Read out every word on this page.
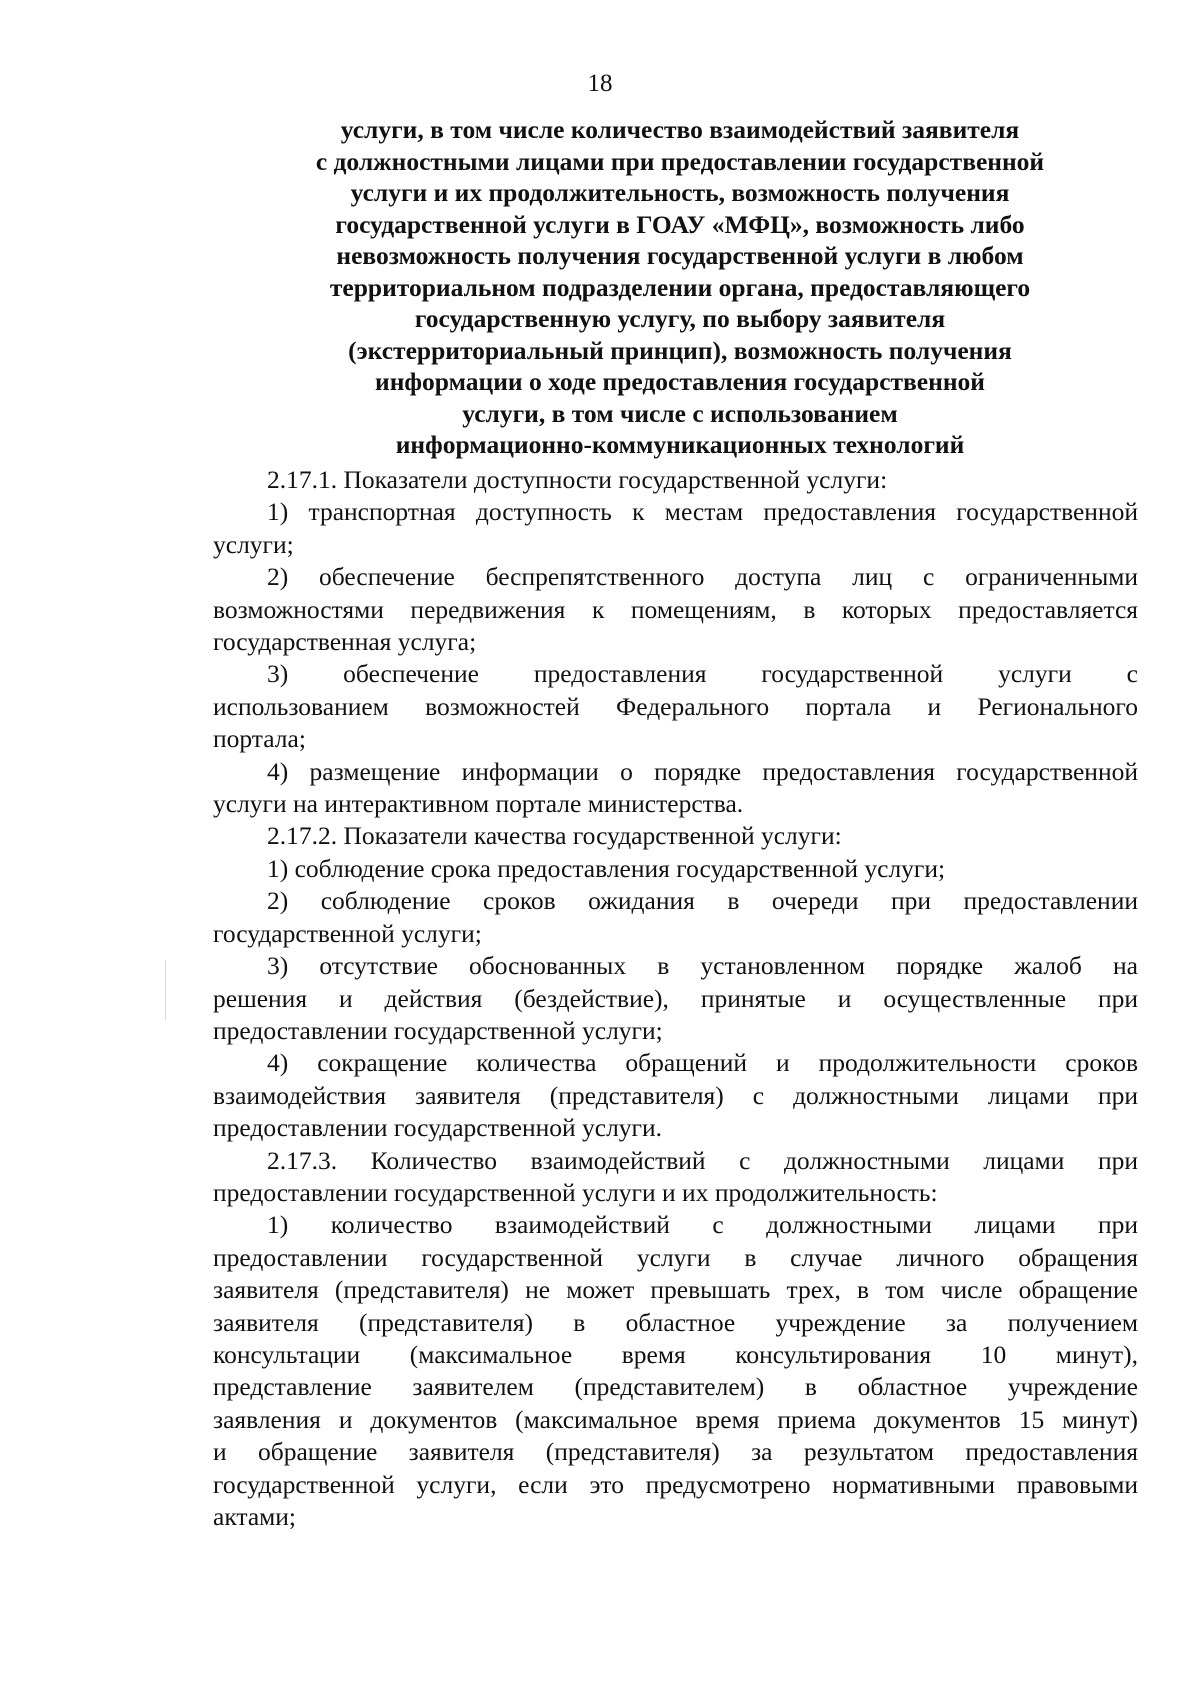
18
услуги, в том числе количество взаимодействий заявителя
с должностными лицами при предоставлении государственной
услуги и их продолжительность, возможность получения
государственной услуги в ГОАУ «МФЦ», возможность либо
невозможность получения государственной услуги в любом
территориальном подразделении органа, предоставляющего
государственную услугу, по выбору заявителя
(экстерриториальный принцип), возможность получения
информации о ходе предоставления государственной
услуги, в том числе с использованием
информационно-коммуникационных технологий
2.17.1. Показатели доступности государственной услуги:
1) транспортная доступность к местам предоставления государственной
услуги;
2) обеспечение беспрепятственного доступа лиц с ограниченными
возможностями передвижения к помещениям, в которых предоставляется
государственная услуга;
3) обеспечение предоставления государственной услуги с
использованием возможностей Федерального портала и Регионального
портала;
4) размещение информации о порядке предоставления государственной
услуги на интерактивном портале министерства.
2.17.2. Показатели качества государственной услуги:
1) соблюдение срока предоставления государственной услуги;
2) соблюдение сроков ожидания в очереди при предоставлении
государственной услуги;
3) отсутствие обоснованных в установленном порядке жалоб на
решения и действия (бездействие), принятые и осуществленные при
предоставлении государственной услуги;
4) сокращение количества обращений и продолжительности сроков
взаимодействия заявителя (представителя) с должностными лицами при
предоставлении государственной услуги.
2.17.3. Количество взаимодействий с должностными лицами при
предоставлении государственной услуги и их продолжительность:
1) количество взаимодействий с должностными лицами при
предоставлении государственной услуги в случае личного обращения
заявителя (представителя) не может превышать трех, в том числе обращение
заявителя (представителя) в областное учреждение за получением
консультации (максимальное время консультирования 10 минут),
представление заявителем (представителем) в областное учреждение
заявления и документов (максимальное время приема документов 15 минут)
и обращение заявителя (представителя) за результатом предоставления
государственной услуги, если это предусмотрено нормативными правовыми
актами;
